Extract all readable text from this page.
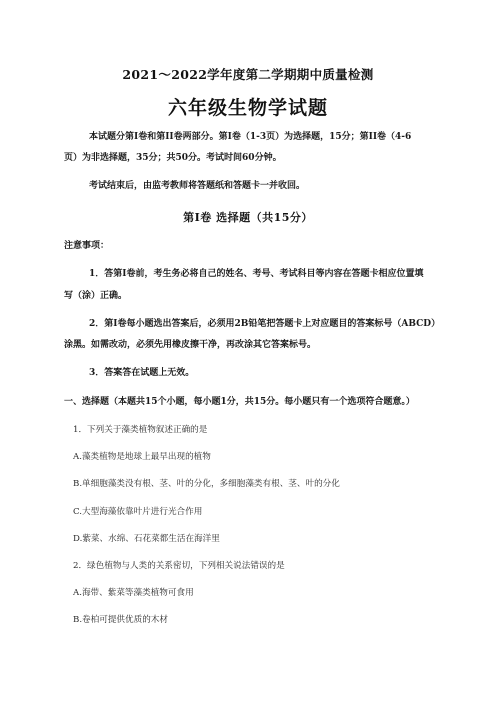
2021～2022学年度第二学期期中质量检测
六年级生物学试题
本试题分第I卷和第II卷两部分。第I卷（1-3页）为选择题，15分；第II卷（4-6
页）为非选择题，35分；共50分。考试时间60分钟。
考试结束后，由监考教师将答题纸和答题卡一并收回。
第I卷 选择题（共15分）
注意事项：
1．答第I卷前，考生务必将自己的姓名、考号、考试科目等内容在答题卡相应位置填
写（涂）正确。
2．第I卷每小题选出答案后，必须用2B铅笔把答题卡上对应题目的答案标号（ABCD）
涂黑。如需改动，必须先用橡皮擦干净，再改涂其它答案标号。
3．答案答在试题上无效。
一、选择题（本题共15个小题，每小题1分，共15分。每小题只有一个选项符合题意。）
1．下列关于藻类植物叙述正确的是
A.藻类植物是地球上最早出现的植物
B.单细胞藻类没有根、茎、叶的分化，多细胞藻类有根、茎、叶的分化
C.大型海藻依靠叶片进行光合作用
D.紫菜、水绵、石花菜都生活在海洋里
2．绿色植物与人类的关系密切，下列相关说法错误的是
A.海带、紫菜等藻类植物可食用
B.卷柏可提供优质的木材
